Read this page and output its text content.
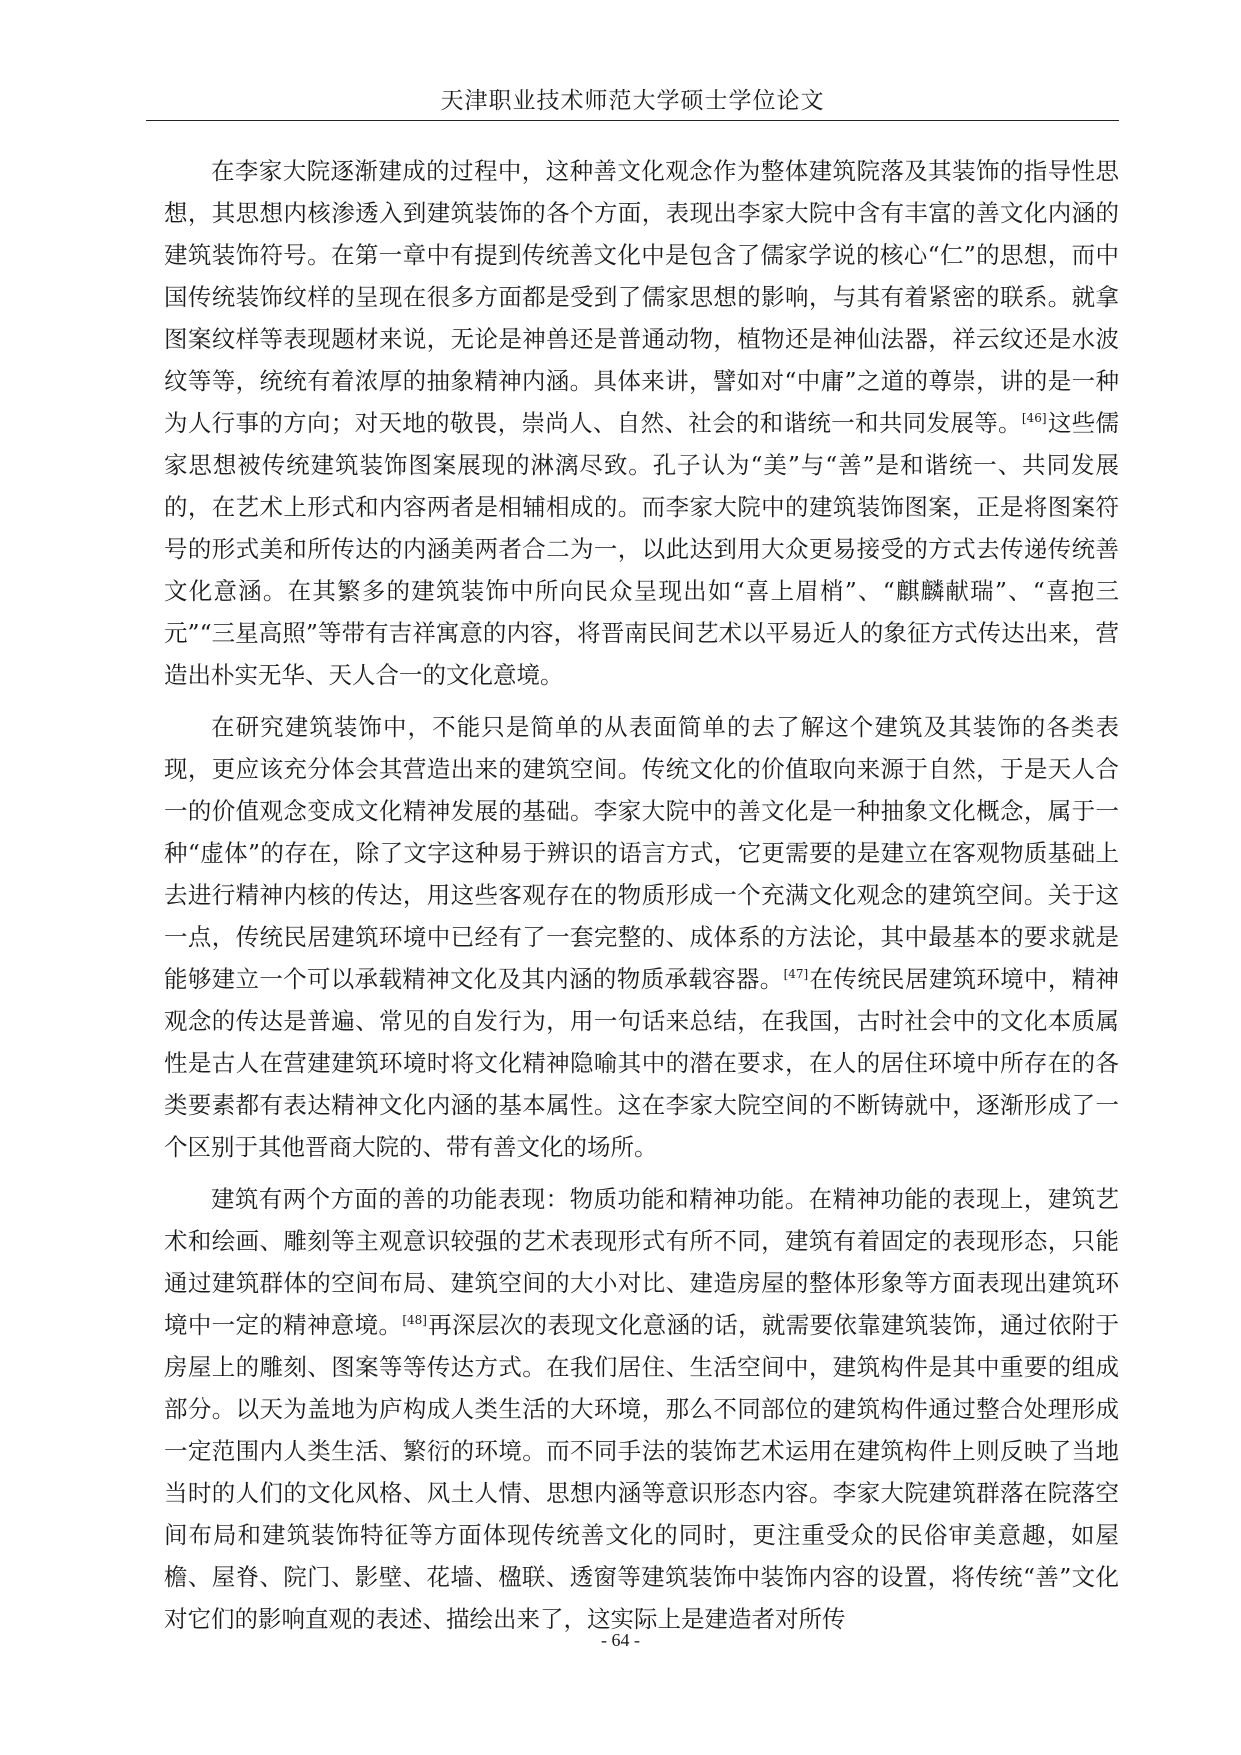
天津职业技术师范大学硕士学位论文

在李家大院逐渐建成的过程中，这种善文化观念作为整体建筑院落及其装饰的指导性思想，其思想内核渗透入到建筑装饰的各个方面，表现出李家大院中含有丰富的善文化内涵的建筑装饰符号。在第一章中有提到传统善文化中是包含了儒家学说的核心“仁”的思想，而中国传统装饰纹样的呈现在很多方面都是受到了儒家思想的影响，与其有着紧密的联系。就拿图案纹样等表现题材来说，无论是神兽还是普通动物，植物还是神仙法器，祥云纹还是水波纹等等，统统有着浓厚的抽象精神内涵。具体来讲，譬如对“中庸”之道的尊崇，讲的是一种为人行事的方向；对天地的敬畏，崇尚人、自然、社会的和谐统一和共同发展等。[46]这些儒家思想被传统建筑装饰图案展现的淋漓尽致。孔子认为“美”与“善”是和谐统一、共同发展的，在艺术上形式和内容两者是相辅相成的。而李家大院中的建筑装饰图案，正是将图案符号的形式美和所传达的内涵美两者合二为一，以此达到用大众更易接受的方式去传递传统善文化意涵。在其繁多的建筑装饰中所向民众呈现出如“喜上眉梢”、“麒麟献瑞”、“喜抱三元”“三星高照”等带有吉祥寓意的内容，将晋南民间艺术以平易近人的象征方式传达出来，营造出朴实无华、天人合一的文化意境。

在研究建筑装饰中，不能只是简单的从表面简单的去了解这个建筑及其装饰的各类表现，更应该充分体会其营造出来的建筑空间。传统文化的价值取向来源于自然，于是天人合一的价值观念变成文化精神发展的基础。李家大院中的善文化是一种抽象文化概念，属于一种“虚体”的存在，除了文字这种易于辨识的语言方式，它更需要的是建立在客观物质基础上去进行精神内核的传达，用这些客观存在的物质形成一个充满文化观念的建筑空间。关于这一点，传统民居建筑环境中已经有了一套完整的、成体系的方法论，其中最基本的要求就是能够建立一个可以承载精神文化及其内涵的物质承载容器。[47]在传统民居建筑环境中，精神观念的传达是普遍、常见的自发行为，用一句话来总结，在我国，古时社会中的文化本质属性是古人在营建建筑环境时将文化精神隐喻其中的潜在要求，在人的居住环境中所存在的各类要素都有表达精神文化内涵的基本属性。这在李家大院空间的不断铸就中，逐渐形成了一个区别于其他晋商大院的、带有善文化的场所。

建筑有两个方面的善的功能表现：物质功能和精神功能。在精神功能的表现上，建筑艺术和绘画、雕刻等主观意识较强的艺术表现形式有所不同，建筑有着固定的表现形态，只能通过建筑群体的空间布局、建筑空间的大小对比、建造房屋的整体形象等方面表现出建筑环境中一定的精神意境。[48]再深层次的表现文化意涵的话，就需要依靠建筑装饰，通过依附于房屋上的雕刻、图案等等传达方式。在我们居住、生活空间中，建筑构件是其中重要的组成部分。以天为盖地为庐构成人类生活的大环境，那么不同部位的建筑构件通过整合处理形成一定范围内人类生活、繁衍的环境。而不同手法的装饰艺术运用在建筑构件上则反映了当地当时的人们的文化风格、风土人情、思想内涵等意识形态内容。李家大院建筑群落在院落空间布局和建筑装饰特征等方面体现传统善文化的同时，更注重受众的民俗审美意趣，如屋檐、屋脊、院门、影壁、花墙、楹联、透窗等建筑装饰中装饰内容的设置，将传统“善”文化对它们的影响直观的表述、描绘出来了，这实际上是建造者对所传

- 64 -
